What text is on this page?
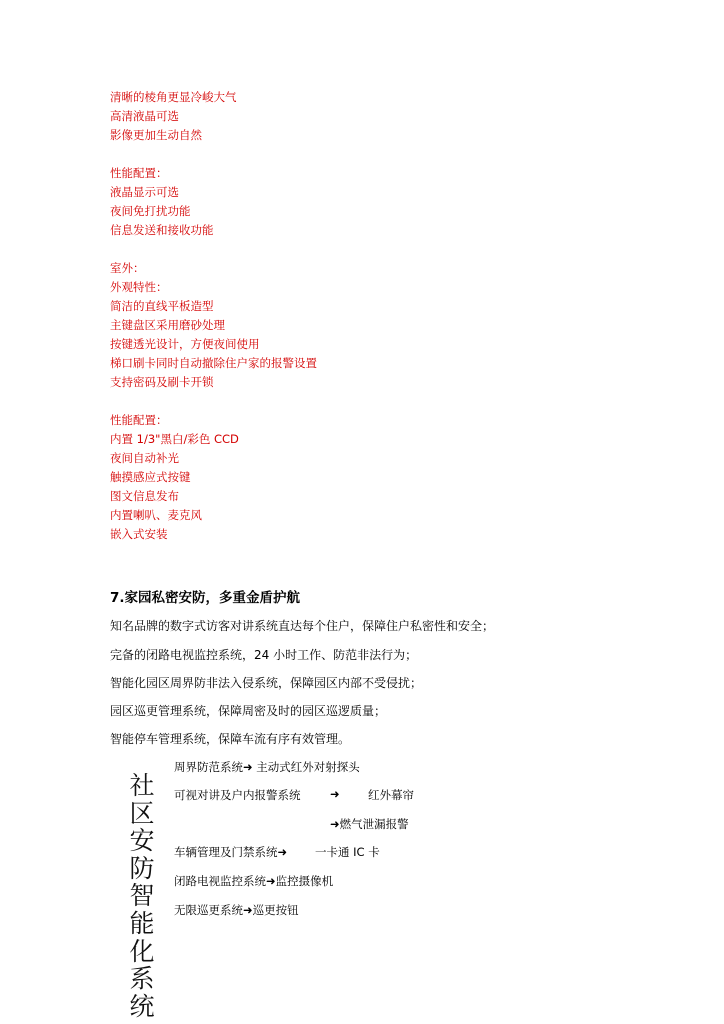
清晰的棱角更显冷峻大气
高清液晶可选
影像更加生动自然
性能配置：
液晶显示可选
夜间免打扰功能
信息发送和接收功能
室外：
外观特性：
简洁的直线平板造型
主键盘区采用磨砂处理
按键透光设计，方便夜间使用
梯口刷卡同时自动撤除住户家的报警设置
支持密码及刷卡开锁
性能配置：
内置 1/3"黑白/彩色 CCD
夜间自动补光
触摸感应式按键
图文信息发布
内置喇叭、麦克风
嵌入式安装
7.家园私密安防，多重金盾护航
知名品牌的数字式访客对讲系统直达每个住户，保障住户私密性和安全；
完备的闭路电视监控系统，24 小时工作、防范非法行为；
智能化园区周界防非法入侵系统，保障园区内部不受侵扰；
园区巡更管理系统，保障周密及时的园区巡逻质量；
智能停车管理系统，保障车流有序有效管理。
社区安防智能化系统
周界防范系统➜ 主动式红外对射探头
可视对讲及户内报警系统	➜ 红外幕帘
➜燃气泄漏报警
车辆管理及门禁系统➜ 一卡通 IC 卡
闭路电视监控系统➜监控摄像机
无限巡更系统➜巡更按钮
